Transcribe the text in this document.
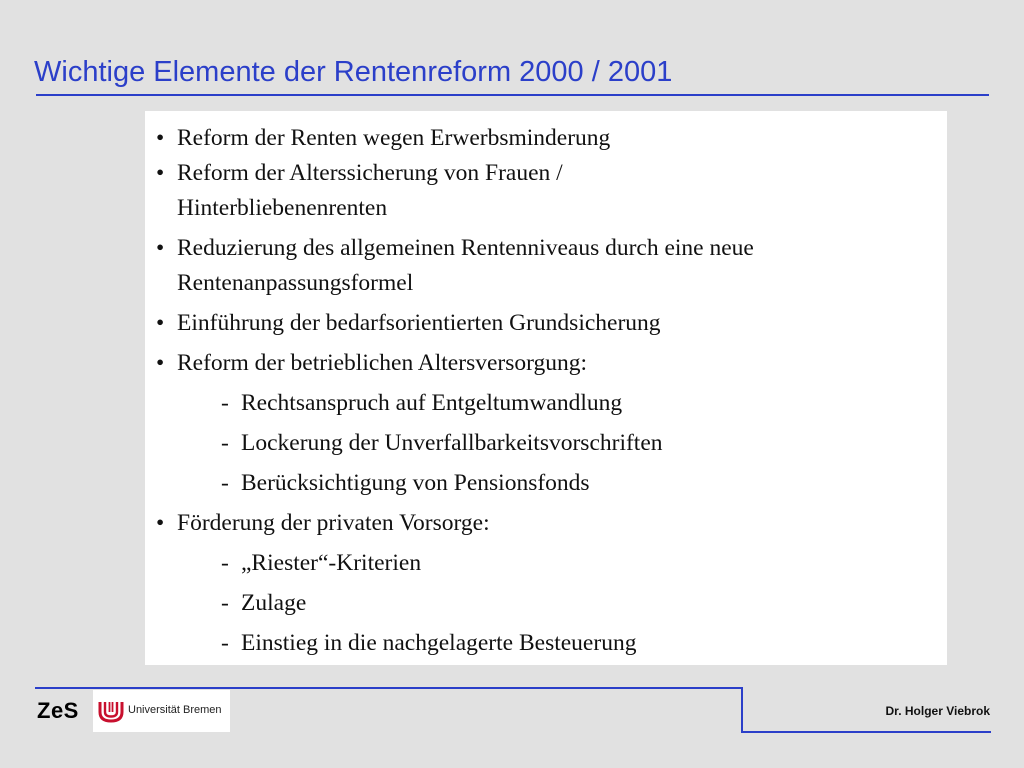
Wichtige Elemente der Rentenreform 2000 / 2001
• Reform der Renten wegen Erwerbsminderung
• Reform der Alterssicherung von Frauen / Hinterbliebenenrenten
• Reduzierung des allgemeinen Rentenniveaus durch eine neue Rentenanpassungsformel
• Einführung der bedarfsorientierten Grundsicherung
• Reform der betrieblichen Altersversorgung:
- Rechtsanspruch auf Entgeltumwandlung
- Lockerung der Unverfallbarkeitsvorschriften
- Berücksichtigung von Pensionsfonds
• Förderung der privaten Vorsorge:
- „Riester“-Kriterien
- Zulage
- Einstieg in die nachgelagerte Besteuerung
ZeS	Universität Bremen	Dr. Holger Viebrok
